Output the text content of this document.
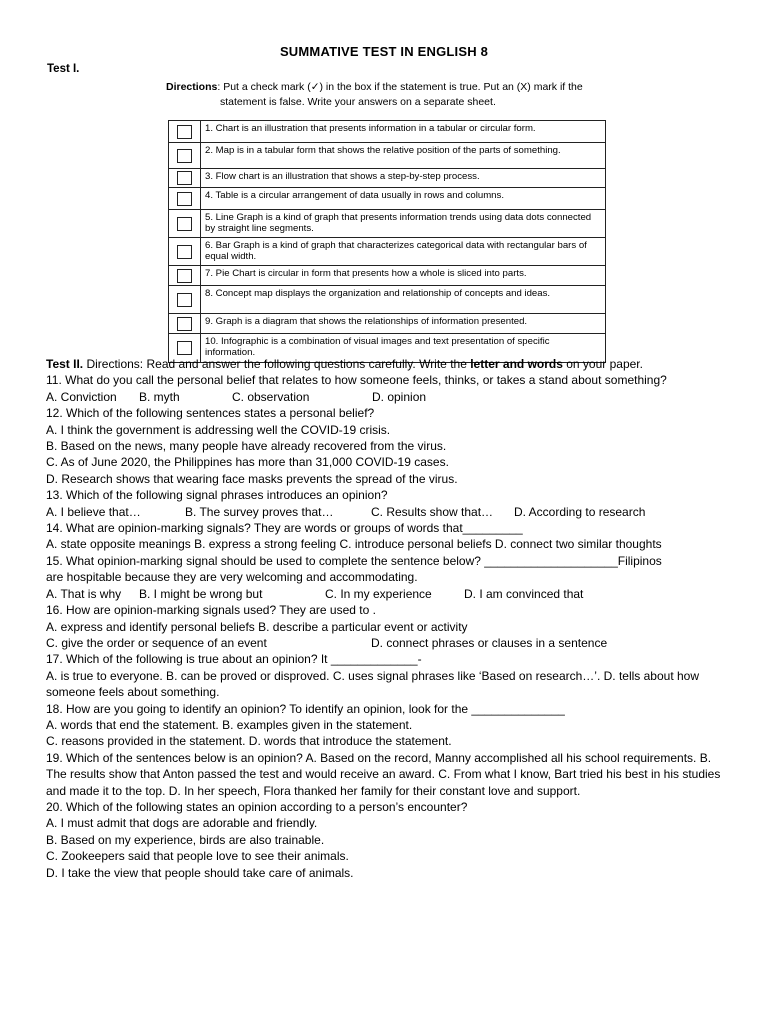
SUMMATIVE TEST IN ENGLISH 8
Test I.
Directions: Put a check mark (✓) in the box if the statement is true. Put an (X) mark if the
statement is false. Write your answers on a separate sheet.
	1. Chart is an illustration that presents information in a tabular or circular form.
	2. Map is in a tabular form that shows the relative position of the parts of something.
	3. Flow chart is an illustration that shows a step-by-step process.
	4. Table is a circular arrangement of data usually in rows and columns.
	5. Line Graph is a kind of graph that presents information trends using data dots connected by straight line segments.
	6. Bar Graph is a kind of graph that characterizes categorical data with rectangular bars of equal width.
	7. Pie Chart is circular in form that presents how a whole is sliced into parts.
	8. Concept map displays the organization and relationship of concepts and ideas.
	9. Graph is a diagram that shows the relationships of information presented.
	10. Infographic is a combination of visual images and text presentation of specific information.
Test II. Directions: Read and answer the following questions carefully. Write the letter and words on your paper.
11. What do you call the personal belief that relates to how someone feels, thinks, or takes a stand about something?
A. Conviction B. myth	C. observation	D. opinion
12. Which of the following sentences states a personal belief?
A. I think the government is addressing well the COVID-19 crisis.
B. Based on the news, many people have already recovered from the virus.
C. As of June 2020, the Philippines has more than 31,000 COVID-19 cases.
D. Research shows that wearing face masks prevents the spread of the virus.
13. Which of the following signal phrases introduces an opinion?
A. I believe that…	B. The survey proves that…	C. Results show that… D. According to research
14. What are opinion-marking signals? They are words or groups of words that_________
A. state opposite meanings B. express a strong feeling C. introduce personal beliefs D. connect two similar thoughts
15. What opinion-marking signal should be used to complete the sentence below? ____________________Filipinos
are hospitable because they are very welcoming and accommodating.
A. That is why B. I might be wrong but	C. In my experience	D. I am convinced that
16. How are opinion-marking signals used? They are used to .
A. express and identify personal beliefs B. describe a particular event or activity
C. give the order or sequence of an event	D. connect phrases or clauses in a sentence
17. Which of the following is true about an opinion? It _____________-
A. is true to everyone. B. can be proved or disproved. C. uses signal phrases like ‘Based on research…’. D. tells about how someone feels about something.
18. How are you going to identify an opinion? To identify an opinion, look for the ______________
A. words that end the statement. B. examples given in the statement.
C. reasons provided in the statement. D. words that introduce the statement.
19. Which of the sentences below is an opinion? A. Based on the record, Manny accomplished all his school requirements. B. The results show that Anton passed the test and would receive an award. C. From what I know, Bart tried his best in his studies and made it to the top. D. In her speech, Flora thanked her family for their constant love and support.
20. Which of the following states an opinion according to a person’s encounter?
A. I must admit that dogs are adorable and friendly.
B. Based on my experience, birds are also trainable.
C. Zookeepers said that people love to see their animals.
D. I take the view that people should take care of animals.
